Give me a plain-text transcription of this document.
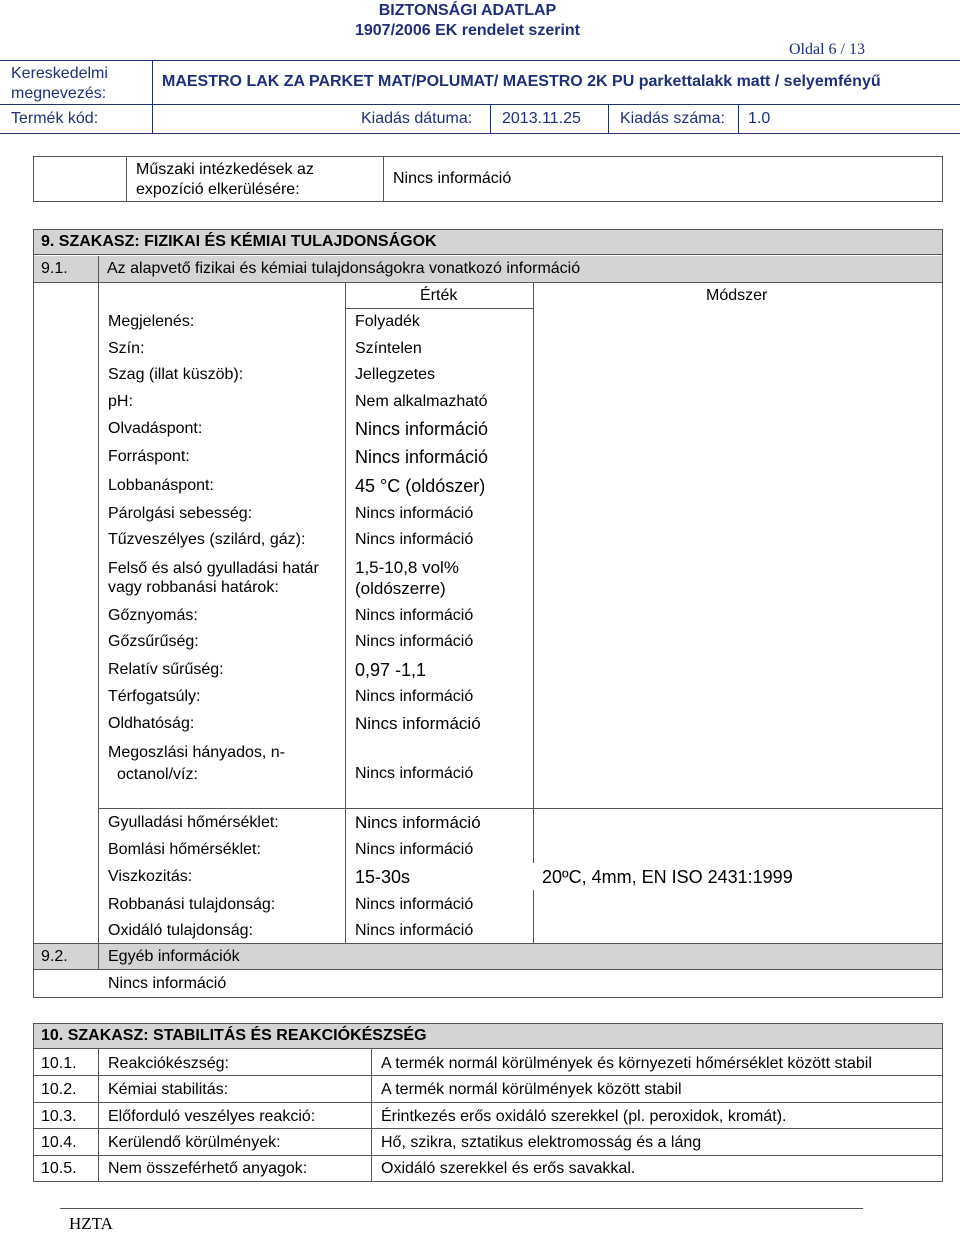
BIZTONSÁGI ADATLAP
1907/2006 EK rendelet szerint
Oldal 6 / 13
Kereskedelmi
megnevezés:
MAESTRO LAK ZA PARKET MAT/POLUMAT/ MAESTRO 2K PU parkettalakk matt / selyemfényű
Termék kód:	Kiadás dátuma: 2013.11.25 Kiadás száma: 1.0
Műszaki intézkedések az
expozíció elkerülésére:
Nincs információ
9. SZAKASZ: FIZIKAI ÉS KÉMIAI TULAJDONSÁGOK
9.1. Az alapvető fizikai és kémiai tulajdonságokra vonatkozó információ
Érték	Módszer
Megjelenés:	Folyadék
Szín:	Színtelen
Szag (illat küszöb):	Jellegzetes
pH:	Nem alkalmazható
Olvadáspont:	Nincs információ
Forráspont:	Nincs információ
Lobbanáspont:	45 °C (oldószer)
Párolgási sebesség:	Nincs információ
Tűzveszélyes (szilárd, gáz):	Nincs információ
Felső és alsó gyulladási határ
vagy robbanási határok:
1,5-10,8 vol%
(oldószerre)
Gőznyomás:	Nincs információ
Gőzsűrűség:	Nincs információ
Relatív sűrűség:	0,97 -1,1
Térfogatsúly:	Nincs információ
Oldhatóság:	Nincs információ
Megoszlási hányados, n-
octanol/víz:	Nincs információ
Gyulladási hőmérséklet:	Nincs információ
Bomlási hőmérséklet:	Nincs információ
Viszkozitás:	15-30s	20ºC, 4mm, EN ISO 2431:1999
Robbanási tulajdonság:	Nincs információ
Oxidáló tulajdonság:	Nincs információ
9.2.	Egyéb információk
Nincs információ
10. SZAKASZ: STABILITÁS ÉS REAKCIÓKÉSZSÉG
10.1. Reakciókészség:	A termék normál körülmények és környezeti hőmérséklet között stabil
10.2. Kémiai stabilitás:	A termék normál körülmények között stabil
10.3. Előforduló veszélyes reakció:	Érintkezés erős oxidáló szerekkel (pl. peroxidok, kromát).
10.4. Kerülendő körülmények:	Hő, szikra, sztatikus elektromosság és a láng
10.5. Nem összeférhető anyagok:	Oxidáló szerekkel és erős savakkal.
HZTA
